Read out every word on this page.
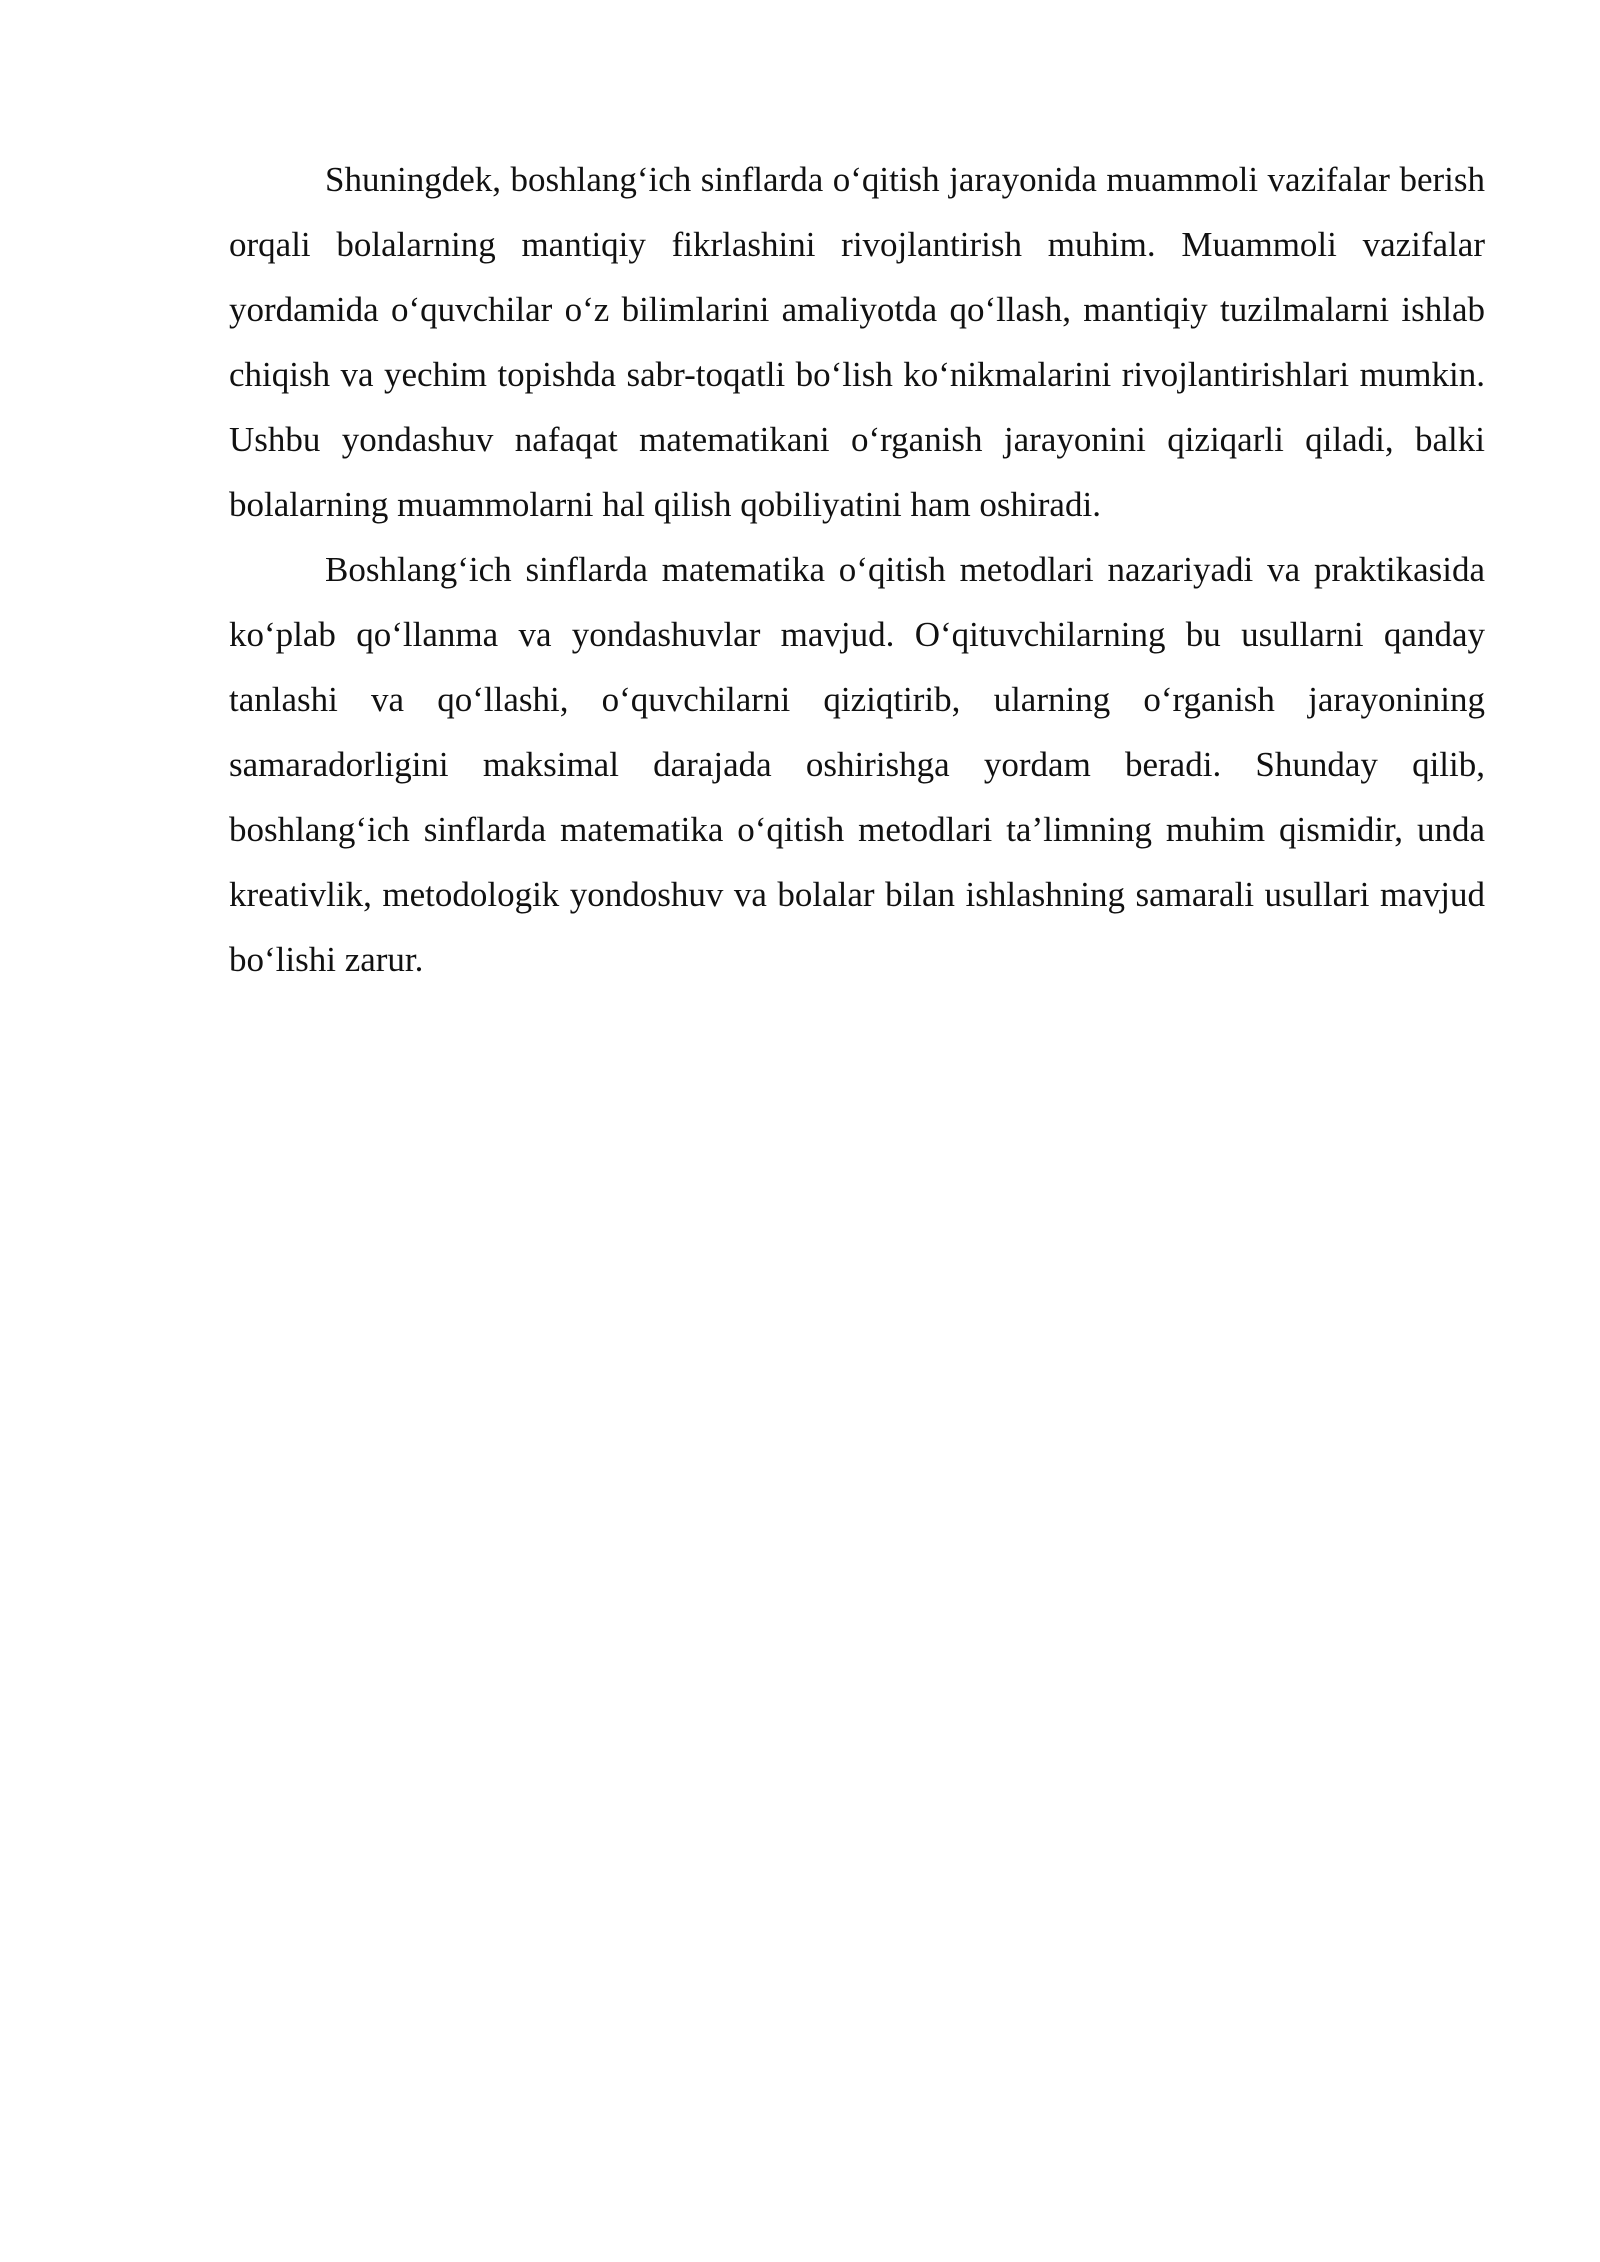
Shuningdek, boshlang‘ich sinflarda o‘qitish jarayonida muammoli vazifalar berish orqali bolalarning mantiqiy fikrlashini rivojlantirish muhim. Muammoli vazifalar yordamida o‘quvchilar o‘z bilimlarini amaliyotda qo‘llash, mantiqiy tuzilmalarni ishlab chiqish va yechim topishda sabr-toqatli bo‘lish ko‘nikmalarini rivojlantirishlari mumkin. Ushbu yondashuv nafaqat matematikani o‘rganish jarayonini qiziqarli qiladi, balki bolalarning muammolarni hal qilish qobiliyatini ham oshiradi.

Boshlang‘ich sinflarda matematika o‘qitish metodlari nazariyadi va praktikasida ko‘plab qo‘llanma va yondashuvlar mavjud. O‘qituvchilarning bu usullarni qanday tanlashi va qo‘llashi, o‘quvchilarni qiziqtirib, ularning o‘rganish jarayonining samaradorligini maksimal darajada oshirishga yordam beradi. Shunday qilib, boshlang‘ich sinflarda matematika o‘qitish metodlari ta’limning muhim qismidir, unda kreativlik, metodologik yondoshuv va bolalar bilan ishlashning samarali usullari mavjud bo‘lishi zarur.
